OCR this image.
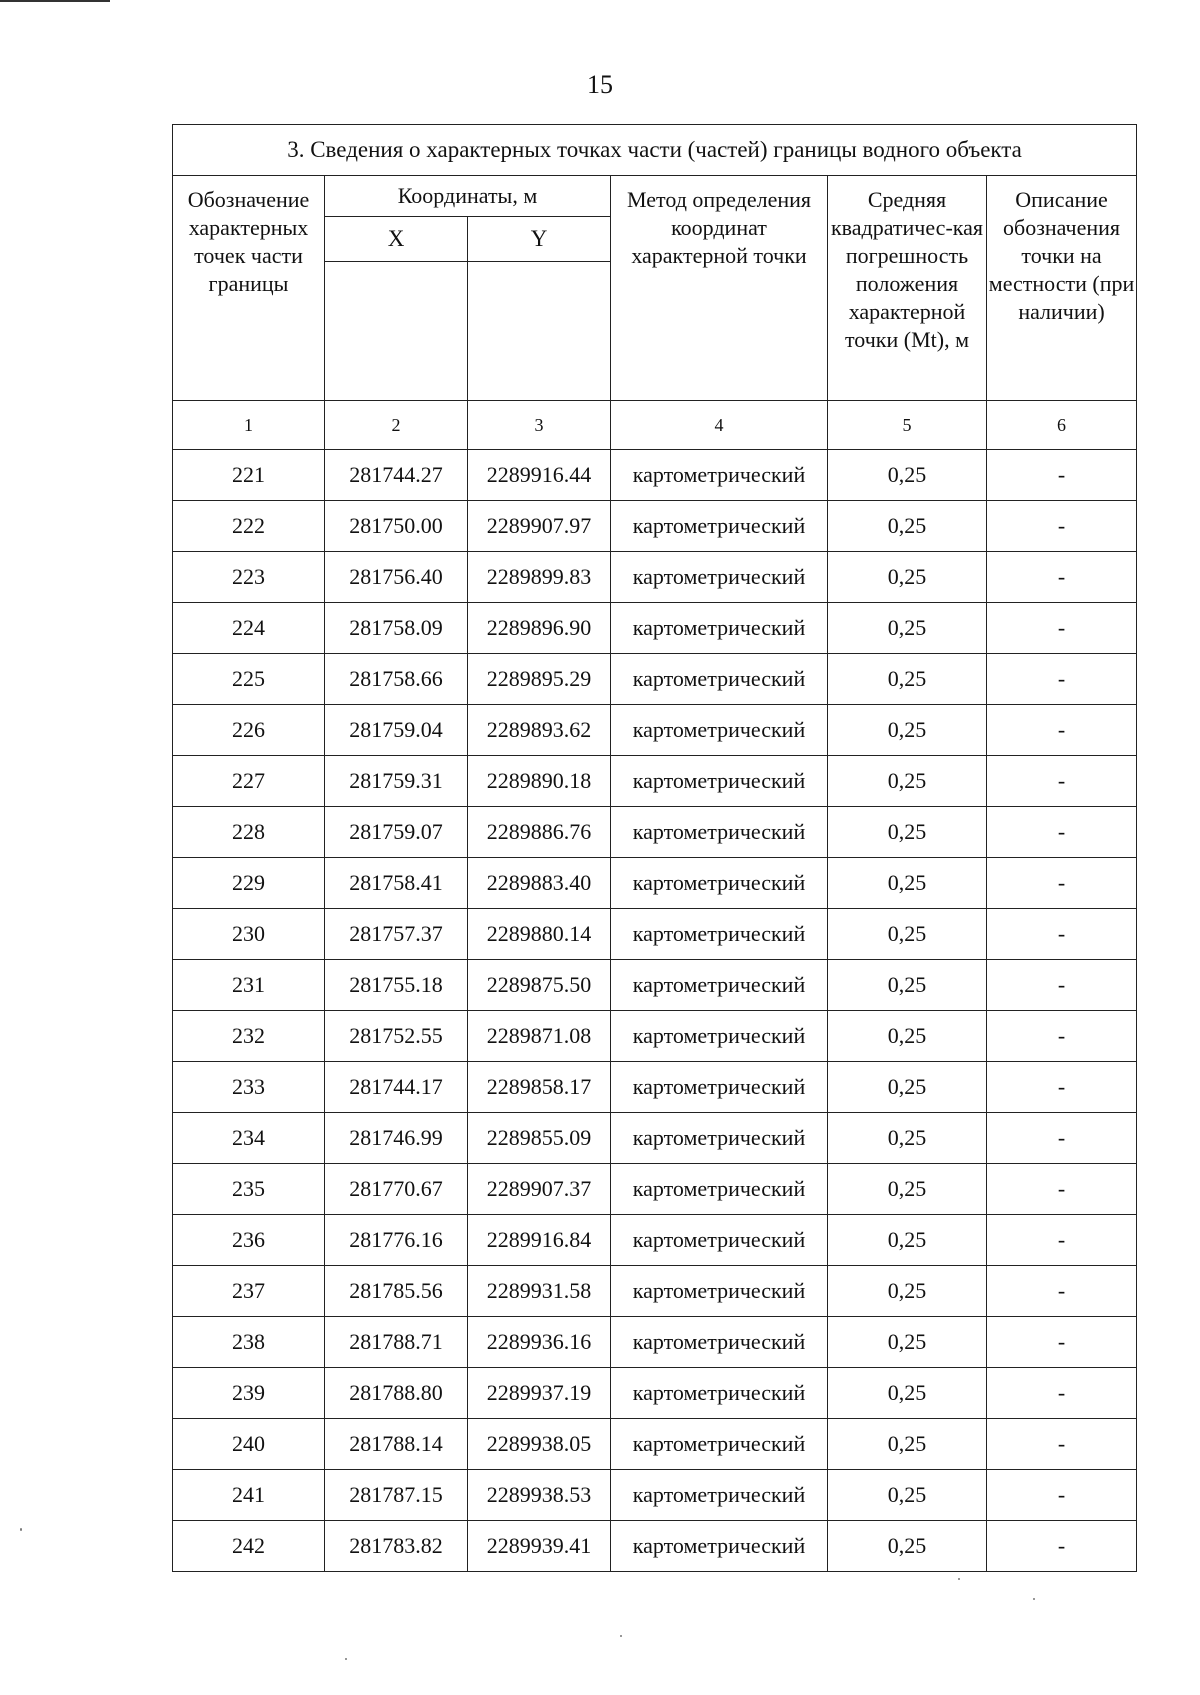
15
3. Сведения о характерных точках части (частей) границы водного объекта					
Обозначение характерных точек части границы	Координаты, м		Метод определения координат характерной точки	Средняя квадратичес-кая погрешность положения характерной точки (Mt), м	Описание обозначения точки на местности (при наличии)
	X	Y			

1	2	3	4	5	6
221	281744.27	2289916.44	картометрический	0,25	-
222	281750.00	2289907.97	картометрический	0,25	-
223	281756.40	2289899.83	картометрический	0,25	-
224	281758.09	2289896.90	картометрический	0,25	-
225	281758.66	2289895.29	картометрический	0,25	-
226	281759.04	2289893.62	картометрический	0,25	-
227	281759.31	2289890.18	картометрический	0,25	-
228	281759.07	2289886.76	картометрический	0,25	-
229	281758.41	2289883.40	картометрический	0,25	-
230	281757.37	2289880.14	картометрический	0,25	-
231	281755.18	2289875.50	картометрический	0,25	-
232	281752.55	2289871.08	картометрический	0,25	-
233	281744.17	2289858.17	картометрический	0,25	-
234	281746.99	2289855.09	картометрический	0,25	-
235	281770.67	2289907.37	картометрический	0,25	-
236	281776.16	2289916.84	картометрический	0,25	-
237	281785.56	2289931.58	картометрический	0,25	-
238	281788.71	2289936.16	картометрический	0,25	-
239	281788.80	2289937.19	картометрический	0,25	-
240	281788.14	2289938.05	картометрический	0,25	-
241	281787.15	2289938.53	картометрический	0,25	-
242	281783.82	2289939.41	картометрический	0,25	-
